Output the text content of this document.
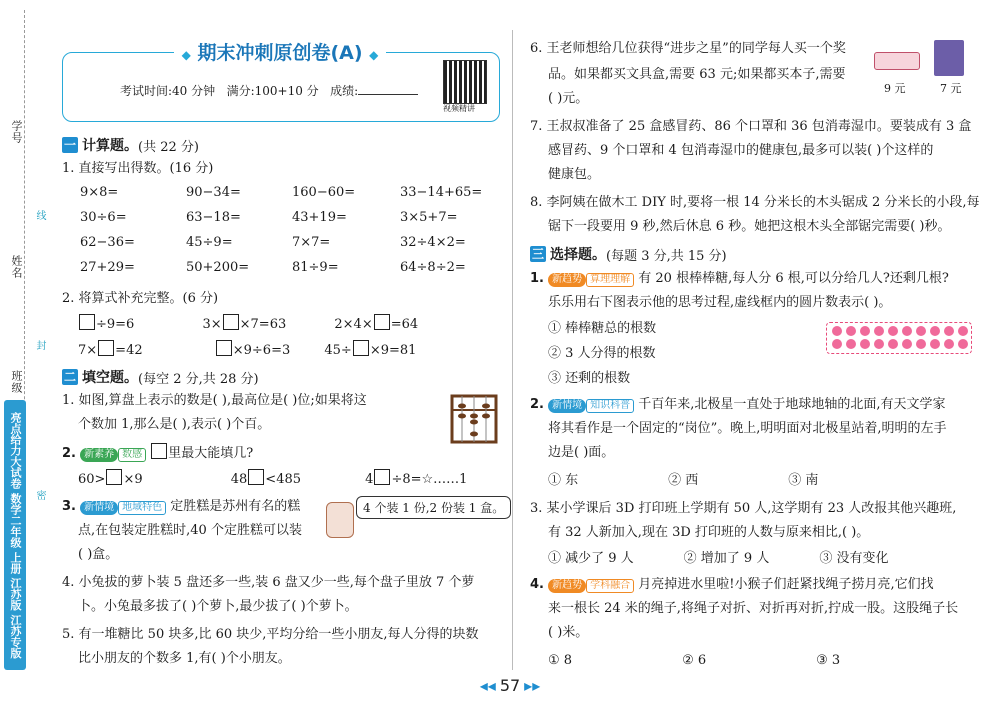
学号
姓名
班级
线
封
密
亮点给力大试卷 数学二年级 上册 江苏版 江苏专版
◆ 期末冲刺原创卷(A) ◆
考试时间:40 分钟 满分:100+10 分 成绩:
视频精讲
一 计算题。 (共 22 分)
1. 直接写出得数。(16 分)
9×8=	90−34=	160−60=	33−14+65=
30÷6=	63−18=	43+19=	3×5+7=
62−36=	45÷9=	7×7=	32÷4×2=
27+29=	50+200=	81÷9=	64÷8÷2=
2. 将算式补充完整。(6 分)
÷9=6	3× ×7=63	2×4× =64
7× =42	×9÷6=3	45÷ ×9=81
二 填空题。 (每空 2 分,共 28 分)
1. 如图,算盘上表示的数是( ),最高位是( )位;如果将这
个数加 1,那么是( ),表示( )个百。
2. 新素养 数感 里最大能填几?
60> ×9	48 <485	4 ÷8=☆……1
3. 新情境 地域特色 定胜糕是苏州有名的糕
点,在包装定胜糕时,40 个定胜糕可以装
( )盒。
4 个装 1 份,2 份装 1 盒。
4. 小兔拔的萝卜装 5 盘还多一些,装 6 盘又少一些,每个盘子里放 7 个萝
卜。小兔最多拔了( )个萝卜,最少拔了( )个萝卜。
5. 有一堆糖比 50 块多,比 60 块少,平均分给一些小朋友,每人分得的块数
比小朋友的个数多 1,有( )个小朋友。
6. 王老师想给几位获得“进步之星”的同学每人买一个奖
品。如果都买文具盒,需要 63 元;如果都买本子,需要
( )元。
9 元	7 元
7. 王叔叔准备了 25 盒感冒药、86 个口罩和 36 包消毒湿巾。要装成有 3 盒
感冒药、9 个口罩和 4 包消毒湿巾的健康包,最多可以装( )个这样的
健康包。
8. 李阿姨在做木工 DIY 时,要将一根 14 分米长的木头锯成 2 分米长的小段,每
锯下一段要用 9 秒,然后休息 6 秒。她把这根木头全部锯完需要( )秒。
三 选择题。 (每题 3 分,共 15 分)
1. 新趋势 算理理解 有 20 根棒棒糖,每人分 6 根,可以分给几人?还剩几根?
乐乐用右下图表示他的思考过程,虚线框内的圆片数表示( )。
① 棒棒糖总的根数
② 3 人分得的根数
③ 还剩的根数
2. 新情境 知识科普 千百年来,北极星一直处于地球地轴的北面,有天文学家
将其看作是一个固定的“岗位”。晚上,明明面对北极星站着,明明的左手
边是( )面。
① 东	② 西	③ 南
3. 某小学课后 3D 打印班上学期有 50 人,这学期有 23 人改报其他兴趣班,
有 32 人新加入,现在 3D 打印班的人数与原来相比,( )。
① 减少了 9 人	② 增加了 9 人	③ 没有变化
4. 新趋势 学科融合 月亮掉进水里啦!小猴子们赶紧找绳子捞月亮,它们找
来一根长 24 米的绳子,将绳子对折、对折再对折,拧成一股。这股绳子长
( )米。
① 8	② 6	③ 3
◂◂ 57 ▸▸
